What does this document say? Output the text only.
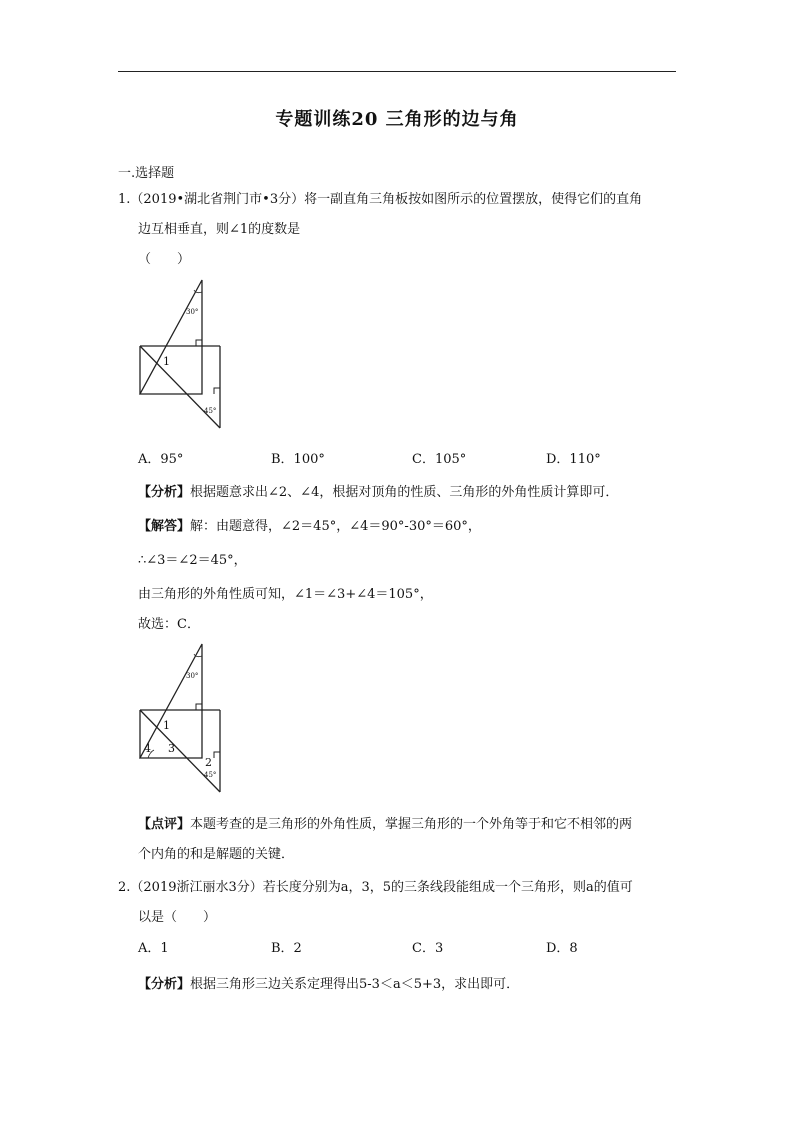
专题训练20 三角形的边与角
一.选择题
1.（2019•湖北省荆门市•3分）将一副直角三角板按如图所示的位置摆放，使得它们的直角
边互相垂直，则∠1的度数是
（　　）
30°
45°
1
A．95°	B．100°	C．105°	D．110°
【分析】根据题意求出∠2、∠4，根据对顶角的性质、三角形的外角性质计算即可．
【解答】解：由题意得，∠2＝45°，∠4＝90°-30°＝60°，
∴∠3＝∠2＝45°，
由三角形的外角性质可知，∠1＝∠3+∠4＝105°，
故选：C．
30°
45°
1
4 3
2
【点评】本题考查的是三角形的外角性质，掌握三角形的一个外角等于和它不相邻的两
个内角的和是解题的关键．
2.（2019浙江丽水3分）若长度分别为a，3，5的三条线段能组成一个三角形，则a的值可
以是（　　）
A．1	B．2	C．3	D．8
【分析】根据三角形三边关系定理得出5-3＜a＜5+3，求出即可．
